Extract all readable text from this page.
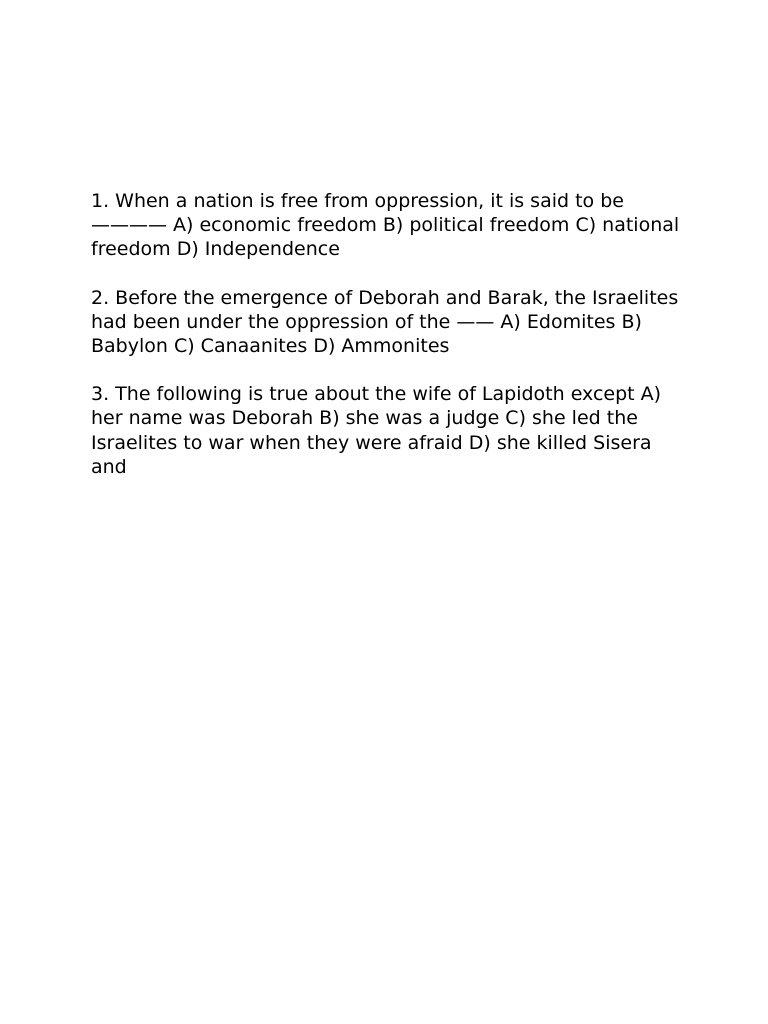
1. When a nation is free from oppression, it is said to be ———— A) economic freedom B) political freedom C) national freedom D) Independence

2. Before the emergence of Deborah and Barak, the Israelites had been under the oppression of the —— A) Edomites B) Babylon C) Canaanites D) Ammonites

3. The following is true about the wife of Lapidoth except A) her name was Deborah B) she was a judge C) she led the Israelites to war when they were afraid D) she killed Sisera and
